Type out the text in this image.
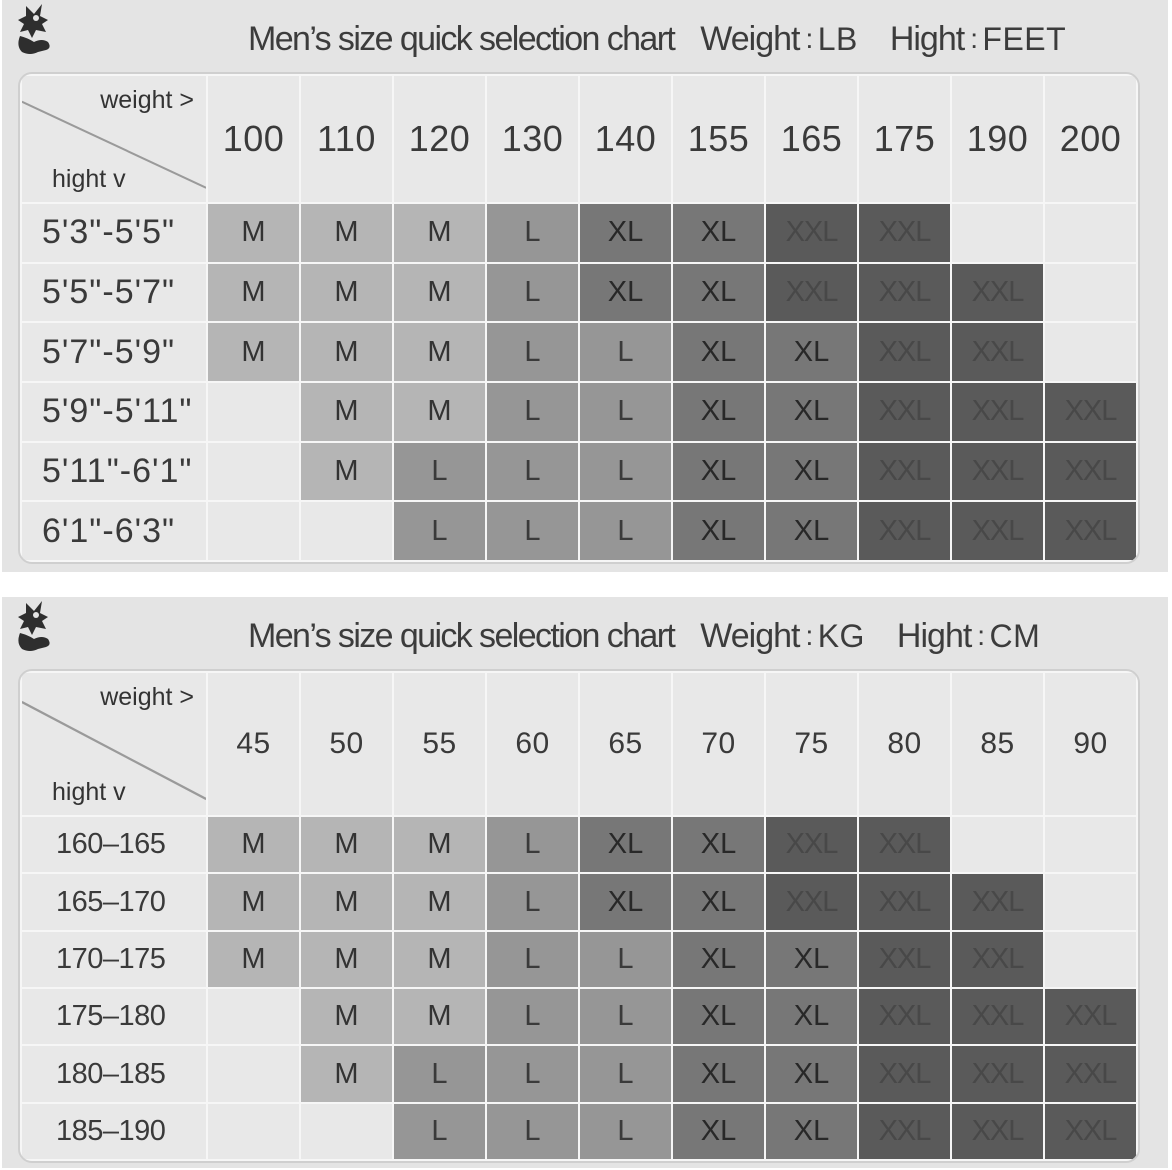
Men’s size quick selection chart Weight : LB Hight : FEET
weight >
hight v	100	110	120	130	140	155	165	175	190	200
5'3"-5'5"	M	M	M	L	XL	XL	XXL	XXL		
5'5"-5'7"	M	M	M	L	XL	XL	XXL	XXL	XXL	
5'7"-5'9"	M	M	M	L	L	XL	XL	XXL	XXL	
5'9"-5'11"		M	M	L	L	XL	XL	XXL	XXL	XXL
5'11"-6'1"		M	L	L	L	XL	XL	XXL	XXL	XXL
6'1"-6'3"			L	L	L	XL	XL	XXL	XXL	XXL
Men’s size quick selection chart Weight : KG Hight : CM
weight >
hight v	45	50	55	60	65	70	75	80	85	90
160–165	M	M	M	L	XL	XL	XXL	XXL		
165–170	M	M	M	L	XL	XL	XXL	XXL	XXL	
170–175	M	M	M	L	L	XL	XL	XXL	XXL	
175–180		M	M	L	L	XL	XL	XXL	XXL	XXL
180–185		M	L	L	L	XL	XL	XXL	XXL	XXL
185–190			L	L	L	XL	XL	XXL	XXL	XXL
